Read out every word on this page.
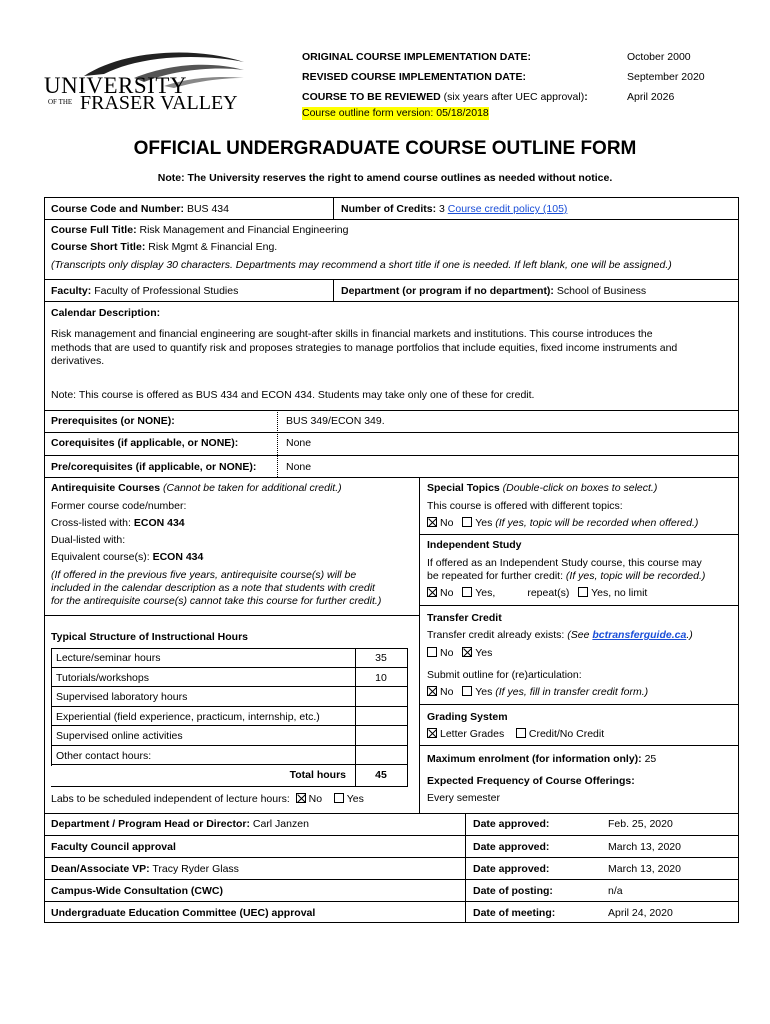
UNIVERSITY
OF THE FRASER VALLEY
ORIGINAL COURSE IMPLEMENTATION DATE:	October 2000
REVISED COURSE IMPLEMENTATION DATE:	September 2020
COURSE TO BE REVIEWED (six years after UEC approval):	April 2026
Course outline form version: 05/18/2018
OFFICIAL UNDERGRADUATE COURSE OUTLINE FORM
Note: The University reserves the right to amend course outlines as needed without notice.
Course Code and Number: BUS 434	Number of Credits: 3 Course credit policy (105)
Course Full Title: Risk Management and Financial Engineering
Course Short Title: Risk Mgmt & Financial Eng.
(Transcripts only display 30 characters. Departments may recommend a short title if one is needed. If left blank, one will be assigned.)
Faculty: Faculty of Professional Studies	Department (or program if no department): School of Business
Calendar Description:
Risk management and financial engineering are sought-after skills in financial markets and institutions. This course introduces the
methods that are used to quantify risk and proposes strategies to manage portfolios that include equities, fixed income instruments and
derivatives.
Note: This course is offered as BUS 434 and ECON 434. Students may take only one of these for credit.
Prerequisites (or NONE):	BUS 349/ECON 349.
Corequisites (if applicable, or NONE):	None
Pre/corequisites (if applicable, or NONE):	None
Antirequisite Courses (Cannot be taken for additional credit.)
Former course code/number:
Cross-listed with: ECON 434
Dual-listed with:
Equivalent course(s): ECON 434
(If offered in the previous five years, antirequisite course(s) will be
included in the calendar description as a note that students with credit
for the antirequisite course(s) cannot take this course for further credit.)
Special Topics (Double-click on boxes to select.)
This course is offered with different topics:
No Yes (If yes, topic will be recorded when offered.)
Independent Study
If offered as an Independent Study course, this course may
be repeated for further credit: (If yes, topic will be recorded.)
No Yes,	repeat(s) Yes, no limit
Transfer Credit
Transfer credit already exists: (See bctransferguide.ca.)
No Yes
Submit outline for (re)articulation:
No Yes (If yes, fill in transfer credit form.)
Grading System
Letter Grades Credit/No Credit
Maximum enrolment (for information only): 25
Expected Frequency of Course Offerings:
Every semester
Typical Structure of Instructional Hours
Lecture/seminar hours	35
Tutorials/workshops	10
Supervised laboratory hours
Experiential (field experience, practicum, internship, etc.)
Supervised online activities
Other contact hours:
Total hours	45
Labs to be scheduled independent of lecture hours: No Yes
Department / Program Head or Director: Carl Janzen	Date approved:	Feb. 25, 2020
Faculty Council approval	Date approved:	March 13, 2020
Dean/Associate VP: Tracy Ryder Glass	Date approved:	March 13, 2020
Campus-Wide Consultation (CWC)	Date of posting:	n/a
Undergraduate Education Committee (UEC) approval	Date of meeting:	April 24, 2020
